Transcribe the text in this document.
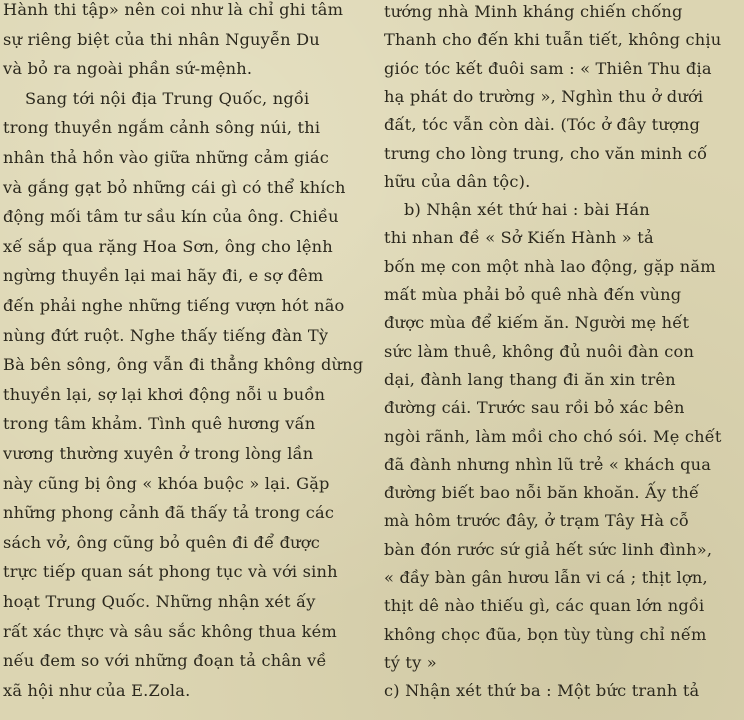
Hành thi tập» nên coi như là chỉ ghi tâm
sự riêng biệt của thi nhân Nguyễn Du
và bỏ ra ngoài phần sứ-mệnh.
Sang tới nội địa Trung Quốc, ngồi
trong thuyền ngắm cảnh sông núi, thi
nhân thả hồn vào giữa những cảm giác
và gắng gạt bỏ những cái gì có thể khích
động mối tâm tư sầu kín của ông. Chiều
xế sắp qua rặng Hoa Sơn, ông cho lệnh
ngừng thuyền lại mai hãy đi, e sợ đêm
đến phải nghe những tiếng vượn hót não
nùng đứt ruột. Nghe thấy tiếng đàn Tỳ
Bà bên sông, ông vẫn đi thẳng không dừng
thuyền lại, sợ lại khơi động nỗi u buồn
trong tâm khảm. Tình quê hương vấn
vương thường xuyên ở trong lòng lần
này cũng bị ông « khóa buộc » lại. Gặp
những phong cảnh đã thấy tả trong các
sách vở, ông cũng bỏ quên đi để được
trực tiếp quan sát phong tục và với sinh
hoạt Trung Quốc. Những nhận xét ấy
rất xác thực và sâu sắc không thua kém
nếu đem so với những đoạn tả chân về
xã hội như của E.Zola.
tướng nhà Minh kháng chiến chống
Thanh cho đến khi tuẫn tiết, không chịu
gióc tóc kết đuôi sam : « Thiên Thu địa
hạ phát do trường », Nghìn thu ở dưới
đất, tóc vẫn còn dài. (Tóc ở đây tượng
trưng cho lòng trung, cho văn minh cố
hữu của dân tộc).
b) Nhận xét thứ hai : bài Hán
thi nhan đề « Sở Kiến Hành » tả
bốn mẹ con một nhà lao động, gặp năm
mất mùa phải bỏ quê nhà đến vùng
được mùa để kiếm ăn. Người mẹ hết
sức làm thuê, không đủ nuôi đàn con
dại, đành lang thang đi ăn xin trên
đường cái. Trước sau rồi bỏ xác bên
ngòi rãnh, làm mồi cho chó sói. Mẹ chết
đã đành nhưng nhìn lũ trẻ « khách qua
đường biết bao nỗi băn khoăn. Ấy thế
mà hôm trước đây, ở trạm Tây Hà cỗ
bàn đón rước sứ giả hết sức linh đình»,
« đầy bàn gân hươu lẫn vi cá ; thịt lợn,
thịt dê nào thiếu gì, các quan lớn ngồi
không chọc đũa, bọn tùy tùng chỉ nếm
tý ty »
c) Nhận xét thứ ba : Một bức tranh tả
